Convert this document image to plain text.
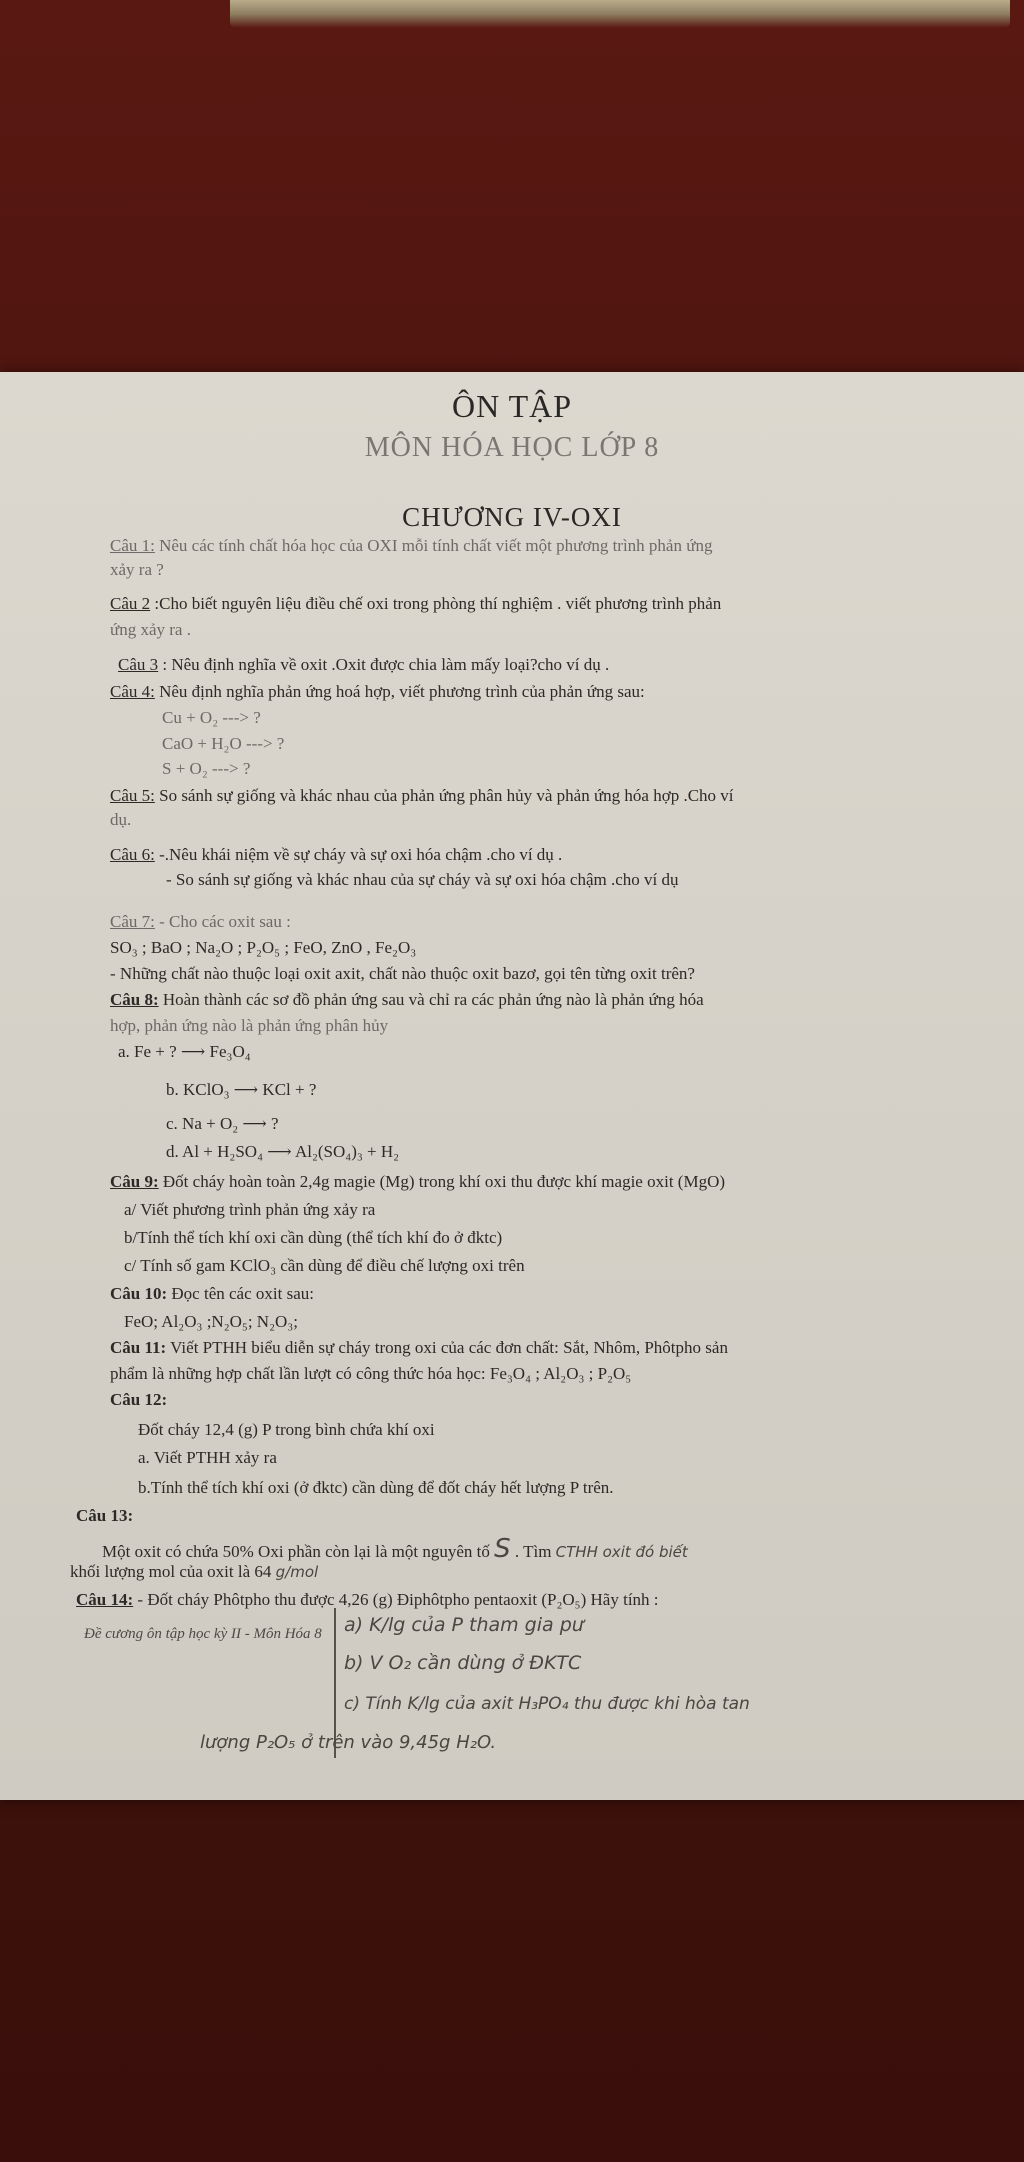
ÔN TẬP
MÔN HÓA HỌC LỚP 8
CHƯƠNG IV-OXI
Câu 1: Nêu các tính chất hóa học của OXI mỗi tính chất viết một phương trình phản ứng
xảy ra ?
Câu 2 :Cho biết nguyên liệu điều chế oxi trong phòng thí nghiệm . viết phương trình phản
ứng xảy ra .
Câu 3 : Nêu định nghĩa về oxit .Oxit được chia làm mấy loại?cho ví dụ .
Câu 4: Nêu định nghĩa phản ứng hoá hợp, viết phương trình của phản ứng sau:
Cu + O₂ ---> ?
CaO + H₂O ---> ?
S + O₂ ---> ?
Câu 5: So sánh sự giống và khác nhau của phản ứng phân hủy và phản ứng hóa hợp .Cho ví
dụ.
Câu 6: -.Nêu khái niệm về sự cháy và sự oxi hóa chậm .cho ví dụ .
- So sánh sự giống và khác nhau của sự cháy và sự oxi hóa chậm .cho ví dụ
Câu 7: - Cho các oxit sau :
SO₃ ; BaO ; Na₂O ; P₂O₅ ; FeO, ZnO , Fe₂O₃
- Những chất nào thuộc loại oxit axit, chất nào thuộc oxit bazơ, gọi tên từng oxit trên?
Câu 8: Hoàn thành các sơ đồ phản ứng sau và chỉ ra các phản ứng nào là phản ứng hóa
hợp, phản ứng nào là phản ứng phân hủy
a. Fe + ? ⟶ Fe₃O₄
b. KClO₃ ⟶ KCl + ?
c. Na + O₂ ⟶ ?
d. Al + H₂SO₄ ⟶ Al₂(SO₄)₃ + H₂
Câu 9: Đốt cháy hoàn toàn 2,4g magie (Mg) trong khí oxi thu được khí magie oxit (MgO)
a/ Viết phương trình phản ứng xảy ra
b/Tính thể tích khí oxi cần dùng (thể tích khí đo ở đktc)
c/ Tính số gam KClO₃ cần dùng để điều chế lượng oxi trên
Câu 10: Đọc tên các oxit sau:
FeO; Al₂O₃ ;N₂O₅; N₂O₃;
Câu 11: Viết PTHH biểu diễn sự cháy trong oxi của các đơn chất: Sắt, Nhôm, Phôtpho sản
phẩm là những hợp chất lần lượt có công thức hóa học: Fe₃O₄ ; Al₂O₃ ; P₂O₅
Câu 12:
Đốt cháy 12,4 (g) P trong bình chứa khí oxi
a. Viết PTHH xảy ra
b.Tính thể tích khí oxi (ở đktc) cần dùng để đốt cháy hết lượng P trên.
Câu 13:
Một oxit có chứa 50% Oxi phần còn lại là một nguyên tố S . Tìm CTHH oxit đó biết
khối lượng mol của oxit là 64 g/mol
Câu 14: - Đốt cháy Phôtpho thu được 4,26 (g) Điphôtpho pentaoxit (P₂O₅) Hãy tính :
Đề cương ôn tập học kỳ II - Môn Hóa 8 a) K/lg của P tham gia pư
b) V O₂ cần dùng ở ĐKTC
c) Tính K/lg của axit H₃PO₄ thu được khi hòa tan
lượng P₂O₅ ở trên vào 9,45g H₂O.
